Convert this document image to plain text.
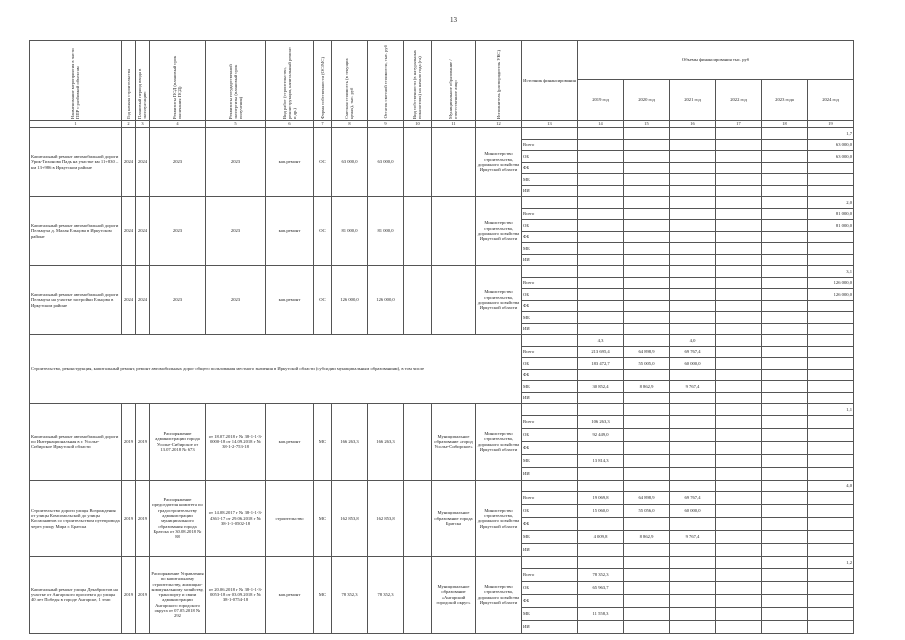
13
Наименование мероприятия в части ППР с разбивкой объектам	Год начала строительства	Плановый период ввода в эксплуатацию	Реквизиты ПСД (плановый срок окончания ПСД)	Реквизиты государственной экспертизы (плановый срок получения)	Вид работ (строительство, реконструкция, капитальный ремонт и др.)	Форма собственности (ОС/МС)	Сметная стоимость (в текущих ценах), тыс. руб	Остаток сметной стоимости, тыс. руб	Вид собственности (в натуральных показателях) на начало года (га)	Муниципальное образование / ответственное лицо	Исполнитель (распорядитель УКС)	Источник финансирования	Объемы финансирования тыс. руб					
													2019 год	2020 год	2021 год	2022 год	2023 года	2024 год
1	2	3	4	5	6	7	8	9	10	11	12	13	14	15	16	17	18	19
Капитальный ремонт автомобильной дороги Урик-Тихонова Падь на участке км 11+830 – км 13+986 в Иркутском районе	2024	2024	2023	2023	кап.ремонт	ОС	63 000,0	63 000,0			Министерство строительства, дорожного хозяйства Иркутской области							1,7
												Всего						63 000,0
												ОБ						63 000,0
												ФБ						
												МБ						
												ИИ						
Капитальный ремонт автомобильной дороги Пельмуха д. Малая Ельцова в Иркутском районе	2024	2024	2023	2023	кап.ремонт	ОС	81 000,0	81 000,0			Министерство строительства, дорожного хозяйства Иркутской области							2,0
												Всего						81 000,0
												ОБ						81 000,0
												ФБ						
												МБ						
												ИИ						
Капитальный ремонт автомобильной дороги Пельмуха на участке застройки Ельцова в Иркутском районе	2024	2024	2023	2023	кап.ремонт	ОС	126 000,0	126 000,0			Министерство строительства, дорожного хозяйства Иркутской области							3,1
												Всего						126 000,0
												ОБ						126 000,0
												ФБ						
												МБ						
												ИИ						
Строительство, реконструкция, капитальный ремонт, ремонт автомобильных дорог общего пользования местного значения в Иркутской области (субсидии муниципальным образованиям), в том числе													4,3		4,0			
												Всего	213 695,4	64 898,9	69 767,4			
												ОБ	183 472,7	55 005,0	60 000,0			
												ФБ						
												МБ	30 852,4	8 862,9	9 767,4			
												ИИ						
Капитальный ремонт автомобильной дороги по Интернациональная в г. Усолье-Сибирское Иркутской области	2019	2019	Распоряжение администрации города Усолье-Сибирское от 13.07.2018 № 673	от 18.07.2018 г № 38-1-1-3-0000-18 от 14.09.2018 г № 38-1-2-753-18	кап.ремонт	МС	166 263,3	166 263,3		Муниципальное образование «город Усолье-Сибирское»	Министерство строительства, дорожного хозяйства Иркутской области							1,1
												Всего	106 263,3					
												ОБ	92 449,0					
												ФБ						
												МБ	13 814,3					
												ИИ						
Строительство дороги улицы Возрождения от улицы Комсомольской до улицы Космонавтов со строительством путепровода через улицу Мира г. Братска	2019	2019	Распоряжение председателя комитета по градостроительству администрации муниципального образования города Братска от 30.08.2018 № 88	от 14.08.2017 г № 38-1-1-3-4361-17 от 29.06.2018 г № 38-1-1-0502-18	строительство	МС	162 853,8	162 853,8		Муниципальное образование города Братска	Министерство строительства, дорожного хозяйства Иркутской области							4,0
												Всего	19 069,8	64 898,9	69 767,4			
												ОБ	15 060,0	55 056,0	60 000,0			
												ФБ						
												МБ	4 009,8	8 862,9	9 767,4			
												ИИ						
Капитальный ремонт улицы Декабристов на участке от Ангарского проспекта до улицы 40 лет Победы в городе Ангарске, 1 этап	2019	2019	Распоряжение Управления по капитальному строительству, жилищно-коммунальному хозяйству, транспорту и связи администрации Ангарского городского округа от 07.05.2018 № 292	от 20.06.2018 г № 38-1-1-3-0053-18 от 03.09.2018 г № 38-1-0754-18	кап.ремонт	МС	78 352,3	78 352,3		Муниципальное образование «Ангарский городской округ»	Министерство строительства, дорожного хозяйства Иркутской области							1,2
												Всего	78 352,3					
												ОБ	65 963,7					
												ФБ						
												МБ	11 558,3					
												ИИ						
